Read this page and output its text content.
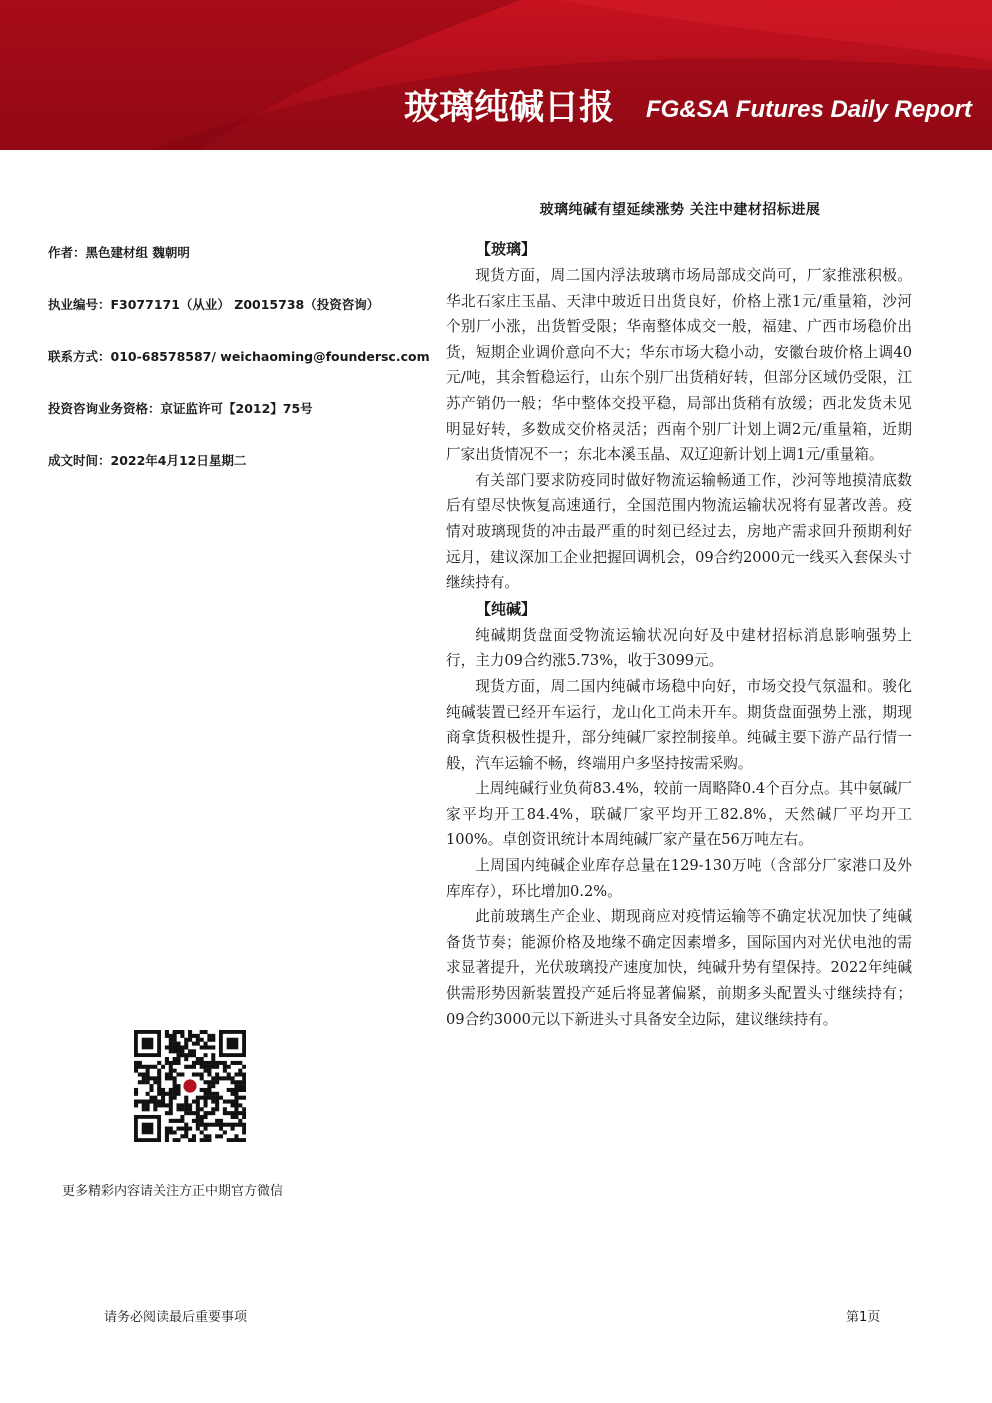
玻璃纯碱日报 FG&SA Futures Daily Report
玻璃纯碱有望延续涨势 关注中建材招标进展
作者：黑色建材组 魏朝明
执业编号：F3077171（从业） Z0015738（投资咨询）
联系方式：010-68578587/ weichaoming@foundersc.com
投资咨询业务资格：京证监许可【2012】75号
成文时间：2022年4月12日星期二
更多精彩内容请关注方正中期官方微信
【玻璃】

现货方面，周二国内浮法玻璃市场局部成交尚可，厂家推涨积极。华北石家庄玉晶、天津中玻近日出货良好，价格上涨1元/重量箱，沙河个别厂小涨，出货暂受限；华南整体成交一般，福建、广西市场稳价出货，短期企业调价意向不大；华东市场大稳小动，安徽台玻价格上调40元/吨，其余暂稳运行，山东个别厂出货稍好转，但部分区域仍受限，江苏产销仍一般；华中整体交投平稳，局部出货稍有放缓；西北发货未见明显好转，多数成交价格灵活；西南个别厂计划上调2元/重量箱，近期厂家出货情况不一；东北本溪玉晶、双辽迎新计划上调1元/重量箱。

有关部门要求防疫同时做好物流运输畅通工作，沙河等地摸清底数后有望尽快恢复高速通行，全国范围内物流运输状况将有显著改善。疫情对玻璃现货的冲击最严重的时刻已经过去，房地产需求回升预期利好远月，建议深加工企业把握回调机会，09合约2000元一线买入套保头寸继续持有。

【纯碱】

纯碱期货盘面受物流运输状况向好及中建材招标消息影响强势上行，主力09合约涨5.73%，收于3099元。

现货方面，周二国内纯碱市场稳中向好，市场交投气氛温和。骏化纯碱装置已经开车运行，龙山化工尚未开车。期货盘面强势上涨，期现商拿货积极性提升，部分纯碱厂家控制接单。纯碱主要下游产品行情一般，汽车运输不畅，终端用户多坚持按需采购。

上周纯碱行业负荷83.4%，较前一周略降0.4个百分点。其中氨碱厂家平均开工84.4%，联碱厂家平均开工82.8%，天然碱厂平均开工100%。卓创资讯统计本周纯碱厂家产量在56万吨左右。

上周国内纯碱企业库存总量在129-130万吨（含部分厂家港口及外库库存），环比增加0.2%。

此前玻璃生产企业、期现商应对疫情运输等不确定状况加快了纯碱备货节奏；能源价格及地缘不确定因素增多，国际国内对光伏电池的需求显著提升，光伏玻璃投产速度加快，纯碱升势有望保持。2022年纯碱供需形势因新装置投产延后将显著偏紧，前期多头配置头寸继续持有；09合约3000元以下新进头寸具备安全边际，建议继续持有。

请务必阅读最后重要事项	第1页
